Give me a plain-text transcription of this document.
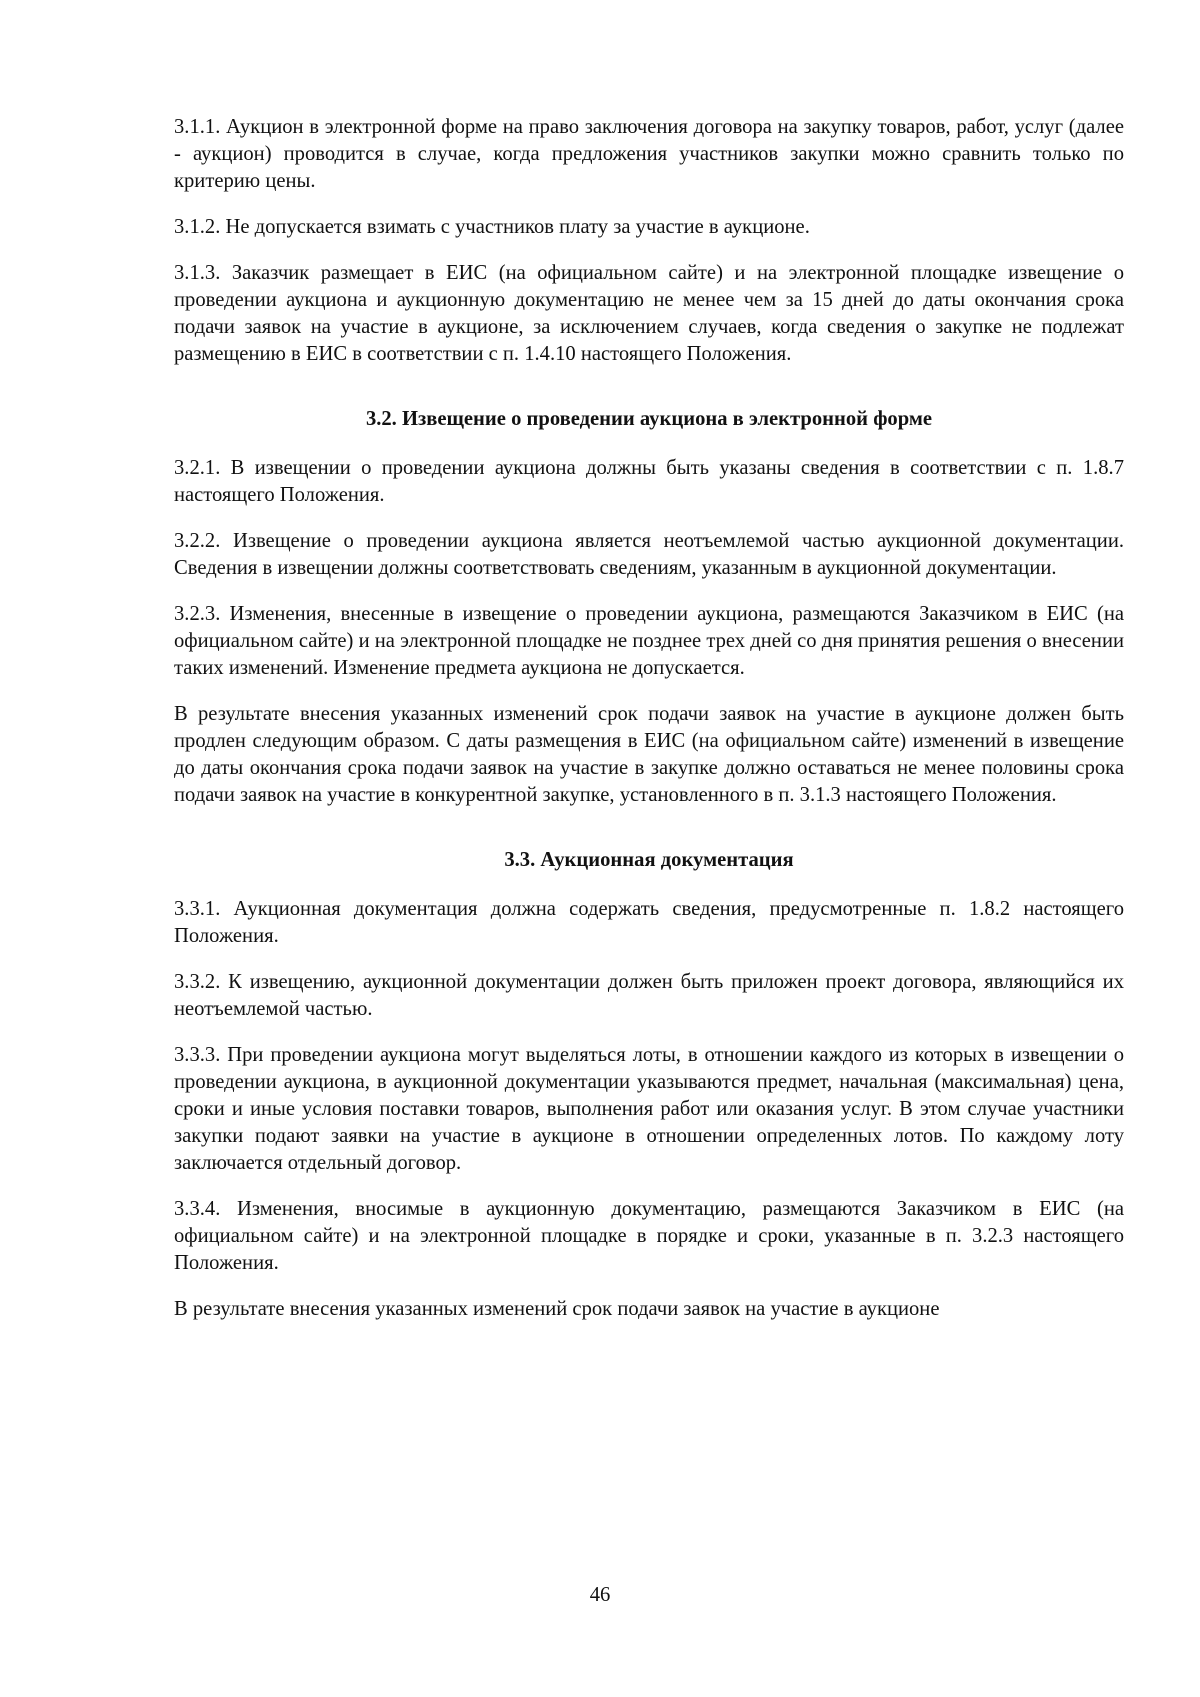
3.1.1. Аукцион в электронной форме на право заключения договора на закупку товаров, работ, услуг (далее - аукцион) проводится в случае, когда предложения участников закупки можно сравнить только по критерию цены.

3.1.2. Не допускается взимать с участников плату за участие в аукционе.

3.1.3. Заказчик размещает в ЕИС (на официальном сайте) и на электронной площадке извещение о проведении аукциона и аукционную документацию не менее чем за 15 дней до даты окончания срока подачи заявок на участие в аукционе, за исключением случаев, когда сведения о закупке не подлежат размещению в ЕИС в соответствии с п. 1.4.10 настоящего Положения.

3.2. Извещение о проведении аукциона в электронной форме

3.2.1. В извещении о проведении аукциона должны быть указаны сведения в соответствии с п. 1.8.7 настоящего Положения.

3.2.2. Извещение о проведении аукциона является неотъемлемой частью аукционной документации. Сведения в извещении должны соответствовать сведениям, указанным в аукционной документации.

3.2.3. Изменения, внесенные в извещение о проведении аукциона, размещаются Заказчиком в ЕИС (на официальном сайте) и на электронной площадке не позднее трех дней со дня принятия решения о внесении таких изменений. Изменение предмета аукциона не допускается.

В результате внесения указанных изменений срок подачи заявок на участие в аукционе должен быть продлен следующим образом. С даты размещения в ЕИС (на официальном сайте) изменений в извещение до даты окончания срока подачи заявок на участие в закупке должно оставаться не менее половины срока подачи заявок на участие в конкурентной закупке, установленного в п. 3.1.3 настоящего Положения.

3.3. Аукционная документация

3.3.1. Аукционная документация должна содержать сведения, предусмотренные п. 1.8.2 настоящего Положения.

3.3.2. К извещению, аукционной документации должен быть приложен проект договора, являющийся их неотъемлемой частью.

3.3.3. При проведении аукциона могут выделяться лоты, в отношении каждого из которых в извещении о проведении аукциона, в аукционной документации указываются предмет, начальная (максимальная) цена, сроки и иные условия поставки товаров, выполнения работ или оказания услуг. В этом случае участники закупки подают заявки на участие в аукционе в отношении определенных лотов. По каждому лоту заключается отдельный договор.

3.3.4. Изменения, вносимые в аукционную документацию, размещаются Заказчиком в ЕИС (на официальном сайте) и на электронной площадке в порядке и сроки, указанные в п. 3.2.3 настоящего Положения.

В результате внесения указанных изменений срок подачи заявок на участие в аукционе

46
